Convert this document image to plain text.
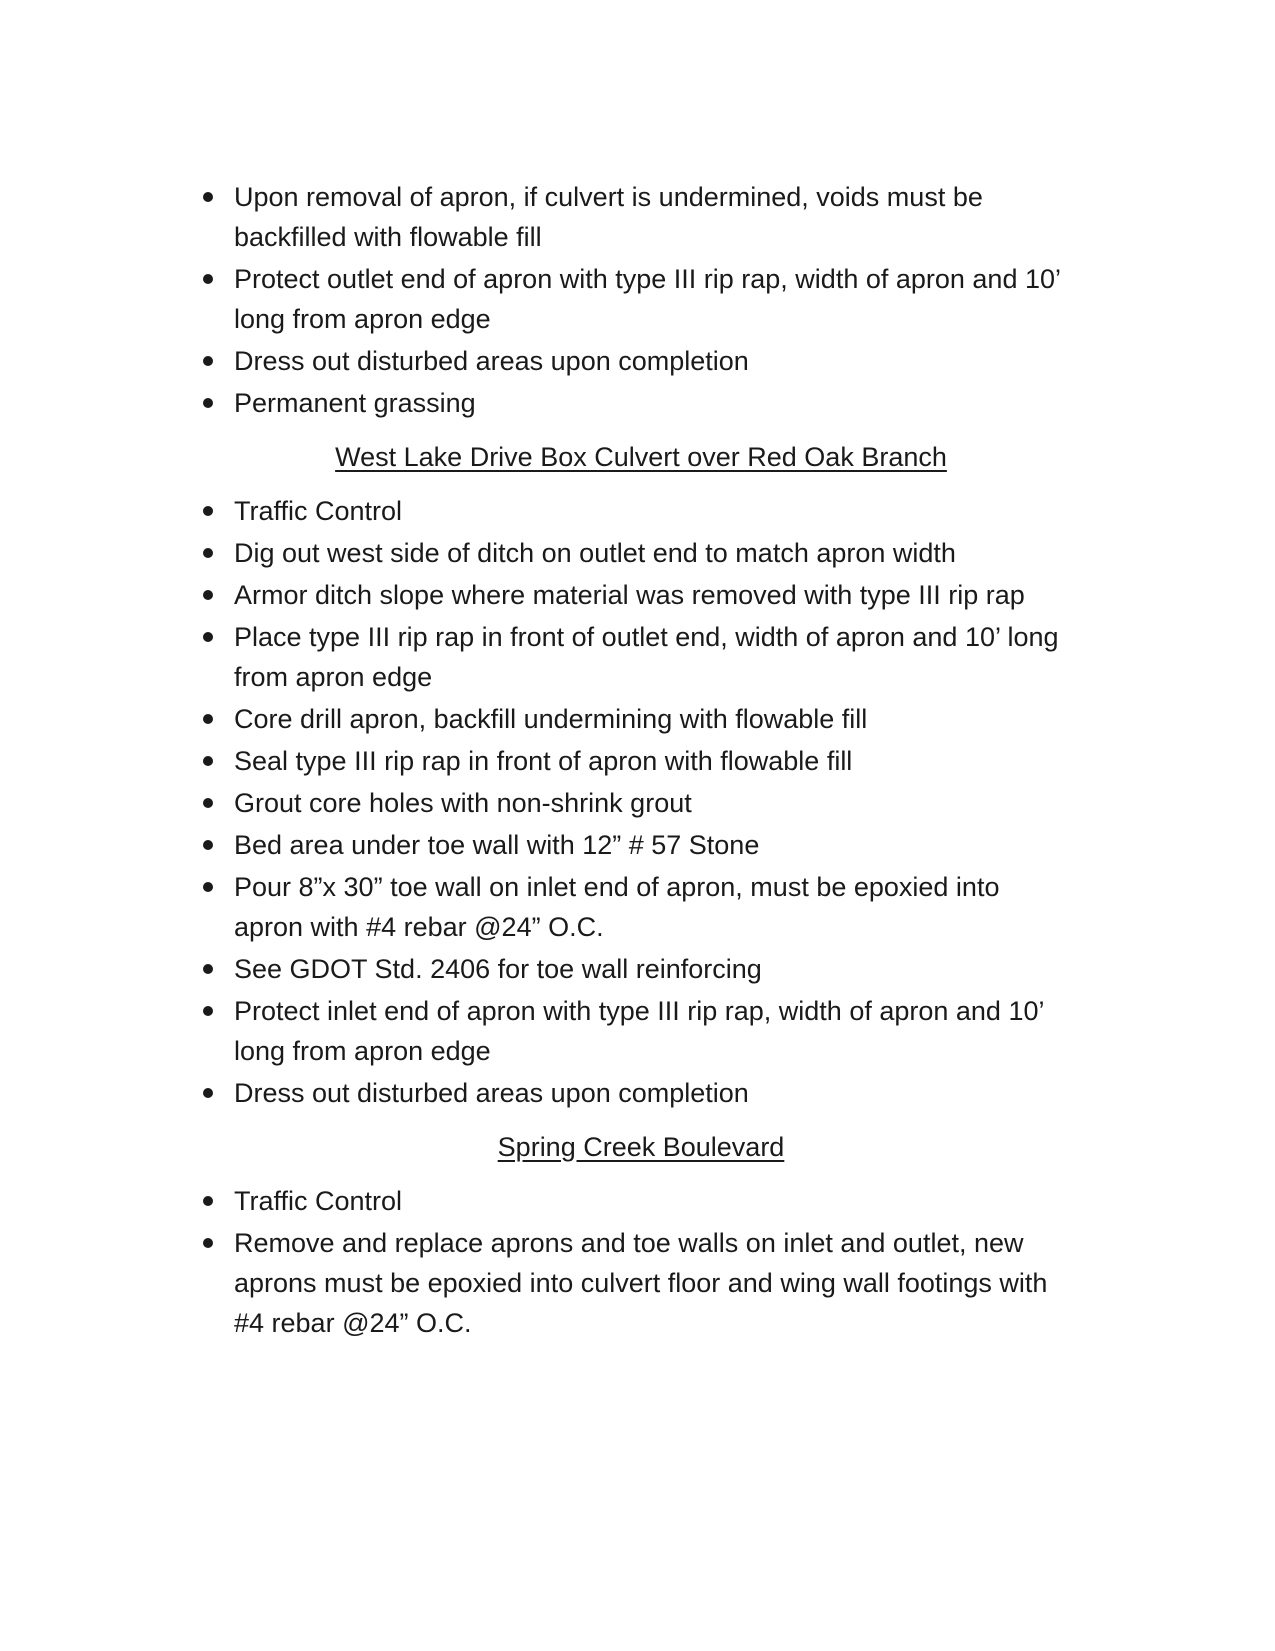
Upon removal of apron, if culvert is undermined, voids must be backfilled with flowable fill
Protect outlet end of apron with type III rip rap, width of apron and 10’ long from apron edge
Dress out disturbed areas upon completion
Permanent grassing
West Lake Drive Box Culvert over Red Oak Branch
Traffic Control
Dig out west side of ditch on outlet end to match apron width
Armor ditch slope where material was removed with type III rip rap
Place type III rip rap in front of outlet end, width of apron and 10’ long from apron edge
Core drill apron, backfill undermining with flowable fill
Seal type III rip rap in front of apron with flowable fill
Grout core holes with non-shrink grout
Bed area under toe wall with 12” # 57 Stone
Pour 8”x 30” toe wall on inlet end of apron, must be epoxied into apron with #4 rebar @24” O.C.
See GDOT Std. 2406 for toe wall reinforcing
Protect inlet end of apron with type III rip rap, width of apron and 10’ long from apron edge
Dress out disturbed areas upon completion
Spring Creek Boulevard
Traffic Control
Remove and replace aprons and toe walls on inlet and outlet, new aprons must be epoxied into culvert floor and wing wall footings with #4 rebar @24” O.C.
